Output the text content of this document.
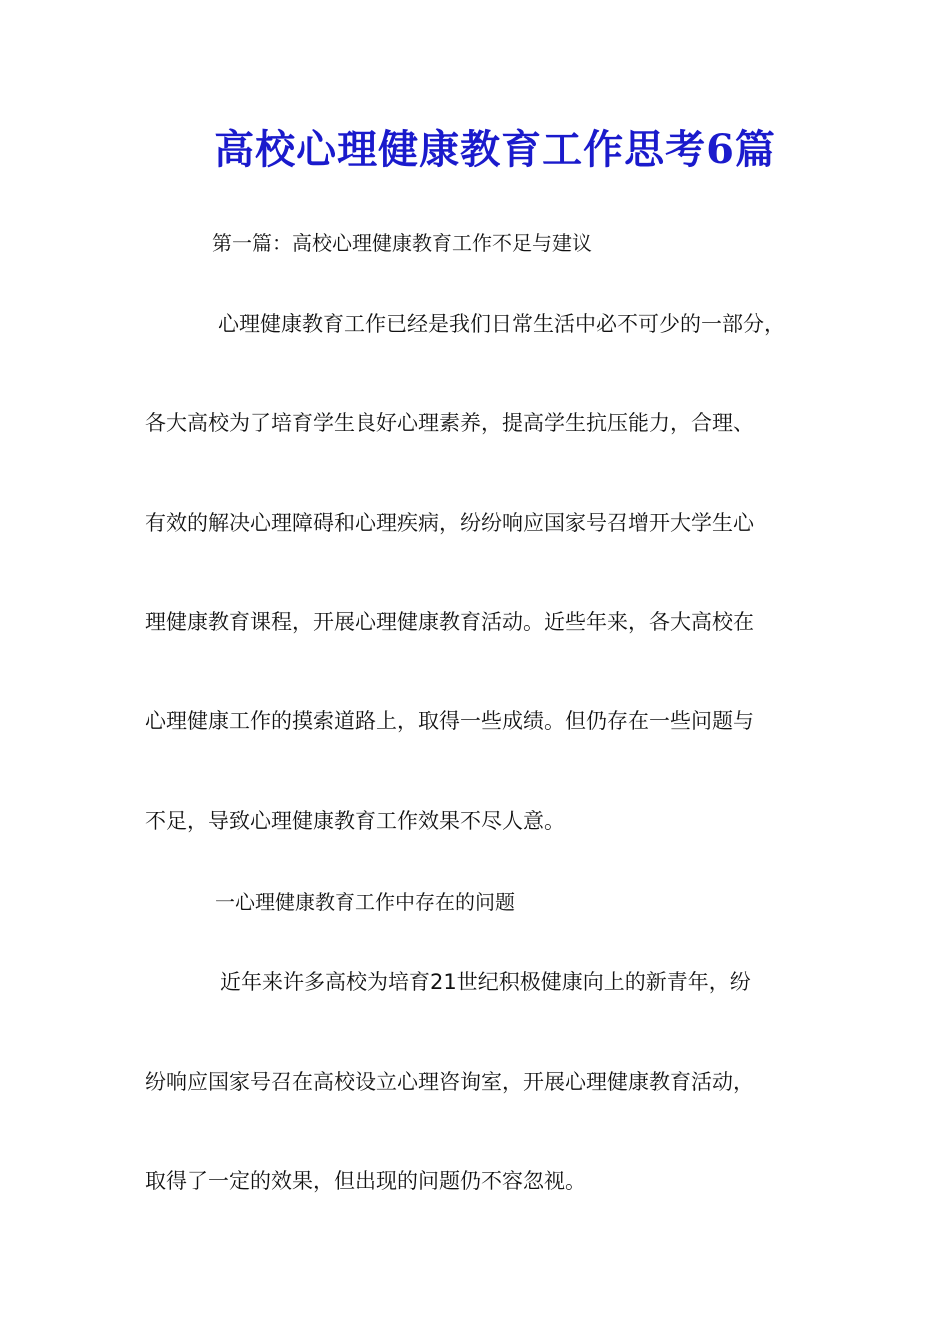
高校心理健康教育工作思考6篇

第一篇：高校心理健康教育工作不足与建议

心理健康教育工作已经是我们日常生活中必不可少的一部分，

各大高校为了培育学生良好心理素养，提高学生抗压能力，合理、

有效的解决心理障碍和心理疾病，纷纷响应国家号召增开大学生心

理健康教育课程，开展心理健康教育活动。近些年来，各大高校在

心理健康工作的摸索道路上，取得一些成绩。但仍存在一些问题与

不足，导致心理健康教育工作效果不尽人意。

一心理健康教育工作中存在的问题

近年来许多高校为培育21世纪积极健康向上的新青年，纷

纷响应国家号召在高校设立心理咨询室，开展心理健康教育活动，

取得了一定的效果，但出现的问题仍不容忽视。
